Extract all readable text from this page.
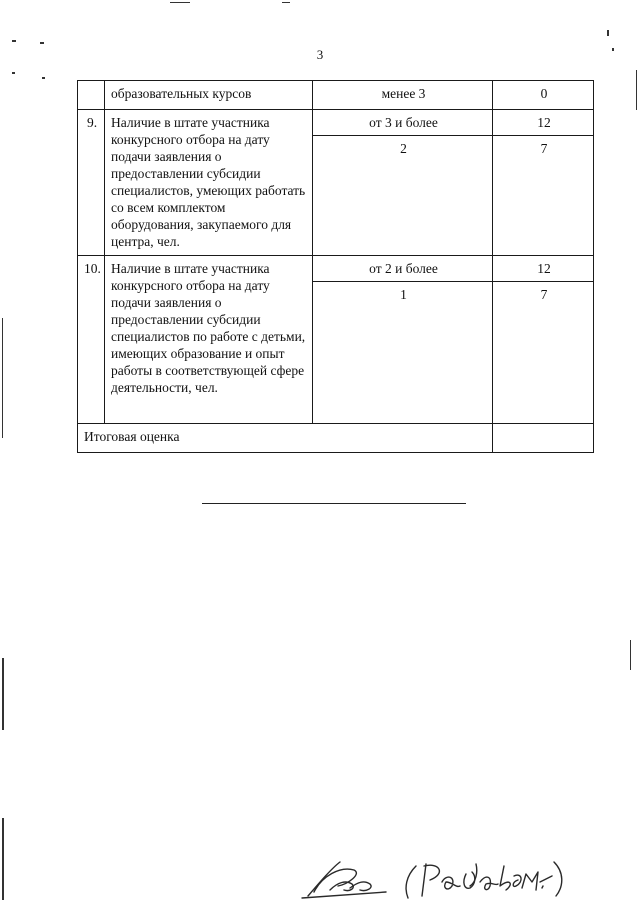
3
	образовательных курсов	менее 3	0
9.	Наличие в штате участника конкурсного отбора на дату подачи заявления о предоставлении субсидии специалистов, умеющих работать со всем комплектом оборудования, закупаемого для центра, чел.	от 3 и более	12
		2	7
10.	Наличие в штате участника конкурсного отбора на дату подачи заявления о предоставлении субсидии специалистов по работе с детьми, имеющих образование и опыт работы в соответствующей сфере деятельности, чел.	от 2 и более	12
		1	7
Итоговая оценка			
